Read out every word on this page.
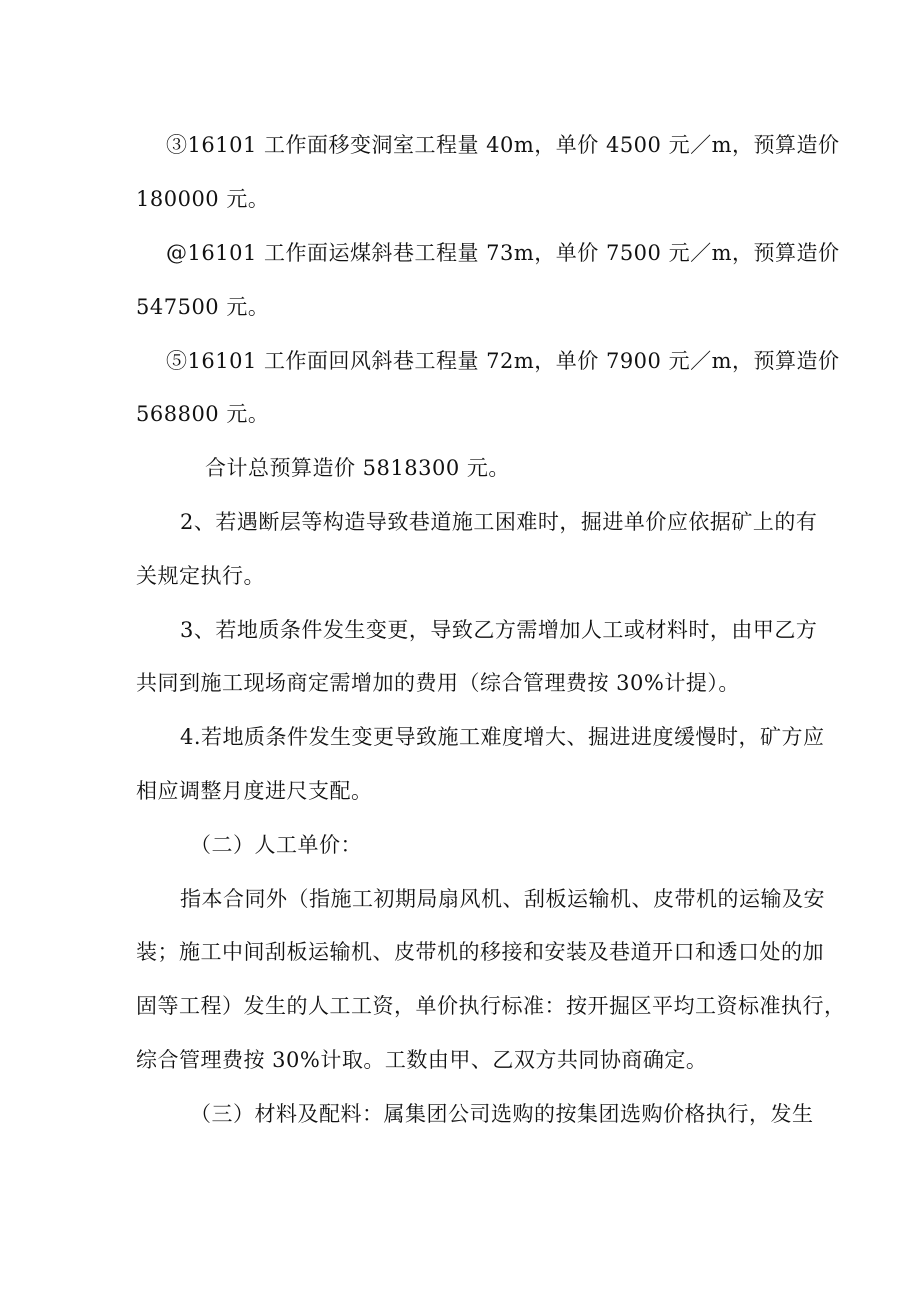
③16101 工作面移变洞室工程量 40m，单价 4500 元／m，预算造价
180000 元。
@16101 工作面运煤斜巷工程量 73m，单价 7500 元／m，预算造价
547500 元。
⑤16101 工作面回风斜巷工程量 72m，单价 7900 元／m，预算造价
568800 元。
合计总预算造价 5818300 元。
2、若遇断层等构造导致巷道施工困难时，掘进单价应依据矿上的有
关规定执行。
3、若地质条件发生变更，导致乙方需增加人工或材料时，由甲乙方
共同到施工现场商定需增加的费用（综合管理费按 30%计提）。
4.若地质条件发生变更导致施工难度增大、掘进进度缓慢时，矿方应
相应调整月度进尺支配。
（二）人工单价：
指本合同外（指施工初期局扇风机、刮板运输机、皮带机的运输及安
装；施工中间刮板运输机、皮带机的移接和安装及巷道开口和透口处的加
固等工程）发生的人工工资，单价执行标准：按开掘区平均工资标准执行，
综合管理费按 30%计取。工数由甲、乙双方共同协商确定。
（三）材料及配料：属集团公司选购的按集团选购价格执行，发生
